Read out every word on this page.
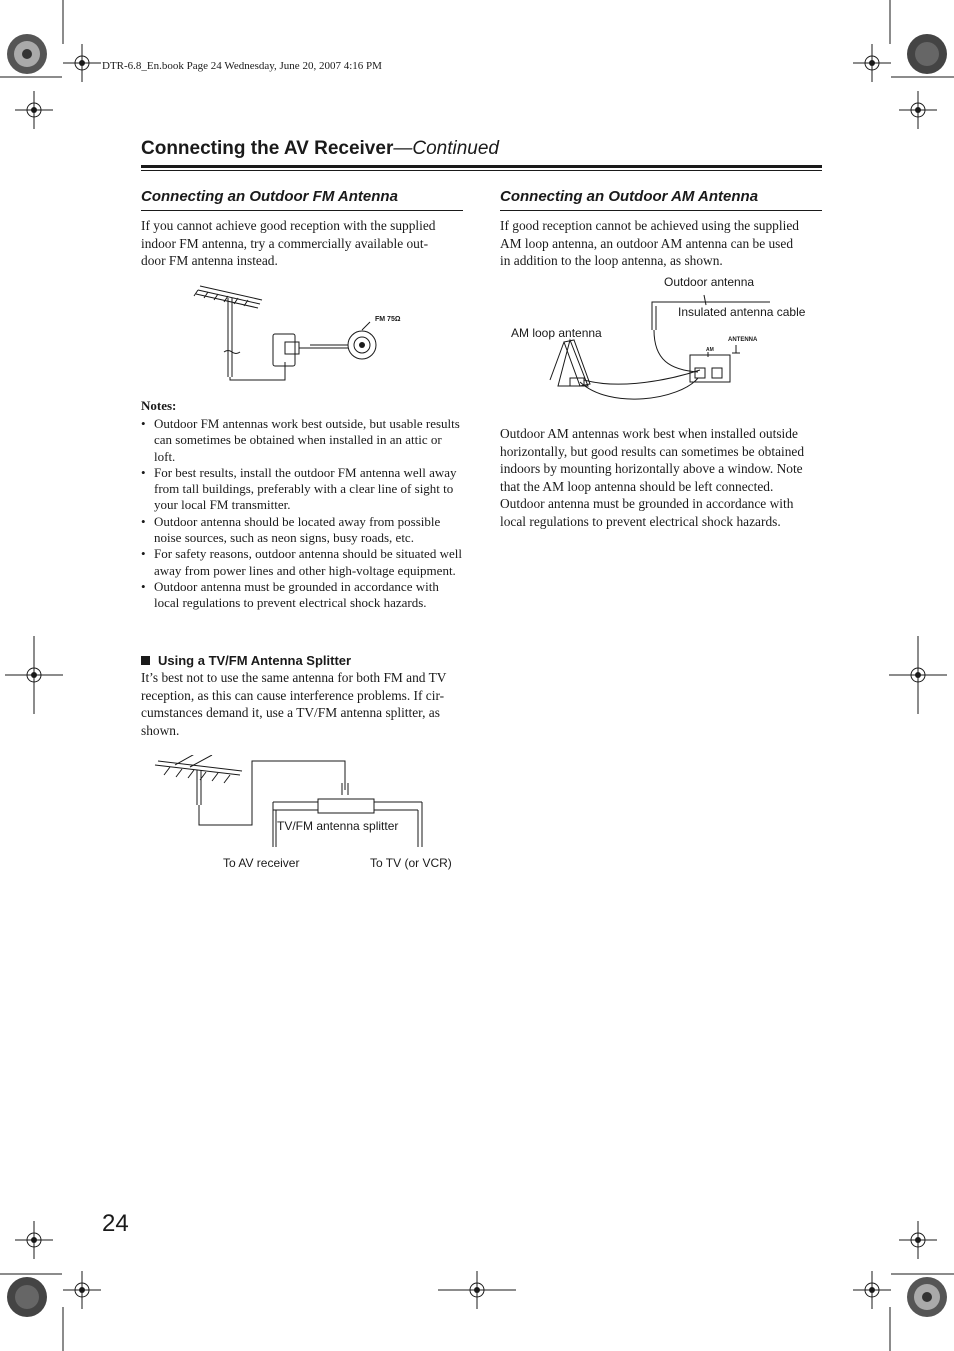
DTR-6.8_En.book Page 24 Wednesday, June 20, 2007 4:16 PM
Connecting the AV Receiver—Continued
Connecting an Outdoor FM Antenna
If you cannot achieve good reception with the supplied
indoor FM antenna, try a commercially available out-
door FM antenna instead.
FM 75Ω
Notes:
• Outdoor FM antennas work best outside, but usable results can sometimes be obtained when installed in an attic or loft.
• For best results, install the outdoor FM antenna well away from tall buildings, preferably with a clear line of sight to your local FM transmitter.
• Outdoor antenna should be located away from possible noise sources, such as neon signs, busy roads, etc.
• For safety reasons, outdoor antenna should be situated well away from power lines and other high-voltage equipment.
• Outdoor antenna must be grounded in accordance with local regulations to prevent electrical shock hazards.
Using a TV/FM Antenna Splitter
It’s best not to use the same antenna for both FM and TV
reception, as this can cause interference problems. If cir-
cumstances demand it, use a TV/FM antenna splitter, as
shown.
TV/FM antenna splitter
To AV receiver	To TV (or VCR)
Connecting an Outdoor AM Antenna
If good reception cannot be achieved using the supplied
AM loop antenna, an outdoor AM antenna can be used
in addition to the loop antenna, as shown.
Outdoor antenna
Insulated antenna cable
AM loop antenna	ANTENNA
AM
Outdoor AM antennas work best when installed outside
horizontally, but good results can sometimes be obtained
indoors by mounting horizontally above a window. Note
that the AM loop antenna should be left connected.
Outdoor antenna must be grounded in accordance with
local regulations to prevent electrical shock hazards.
24
